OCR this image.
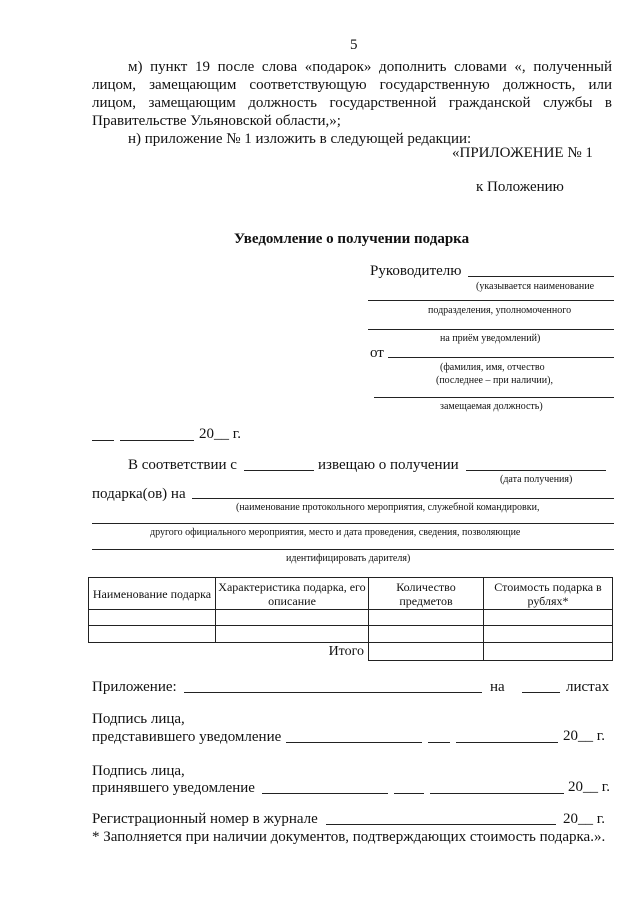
5
м) пункт 19 после слова «подарок» дополнить словами «, полученный лицом, замещающим соответствующую государственную должность, или лицом, замещающим должность государственной гражданской службы в Правительстве Ульяновской области,»;
н) приложение № 1 изложить в следующей редакции:
«ПРИЛОЖЕНИЕ № 1
к Положению
Уведомление о получении подарка
Руководителю
(указывается наименование
подразделения, уполномоченного
на приём уведомлений)
от
(фамилия, имя, отчество
(последнее – при наличии),
замещаемая должность)
20__ г.
В соответствии с	извещаю о получении
(дата получения)
подарка(ов) на
(наименование протокольного мероприятия, служебной командировки,
другого официального мероприятия, место и дата проведения, сведения, позволяющие
идентифицировать дарителя)
Наименование подарка	Характеристика подарка, его описание	Количество предметов	Стоимость подарка в рублях*

Итого			
Приложение:	на	листах
Подпись лица,
представившего уведомление	20__ г.
Подпись лица,
принявшего уведомление	20__ г.
Регистрационный номер в журнале	20__ г.
* Заполняется при наличии документов, подтверждающих стоимость подарка.».
